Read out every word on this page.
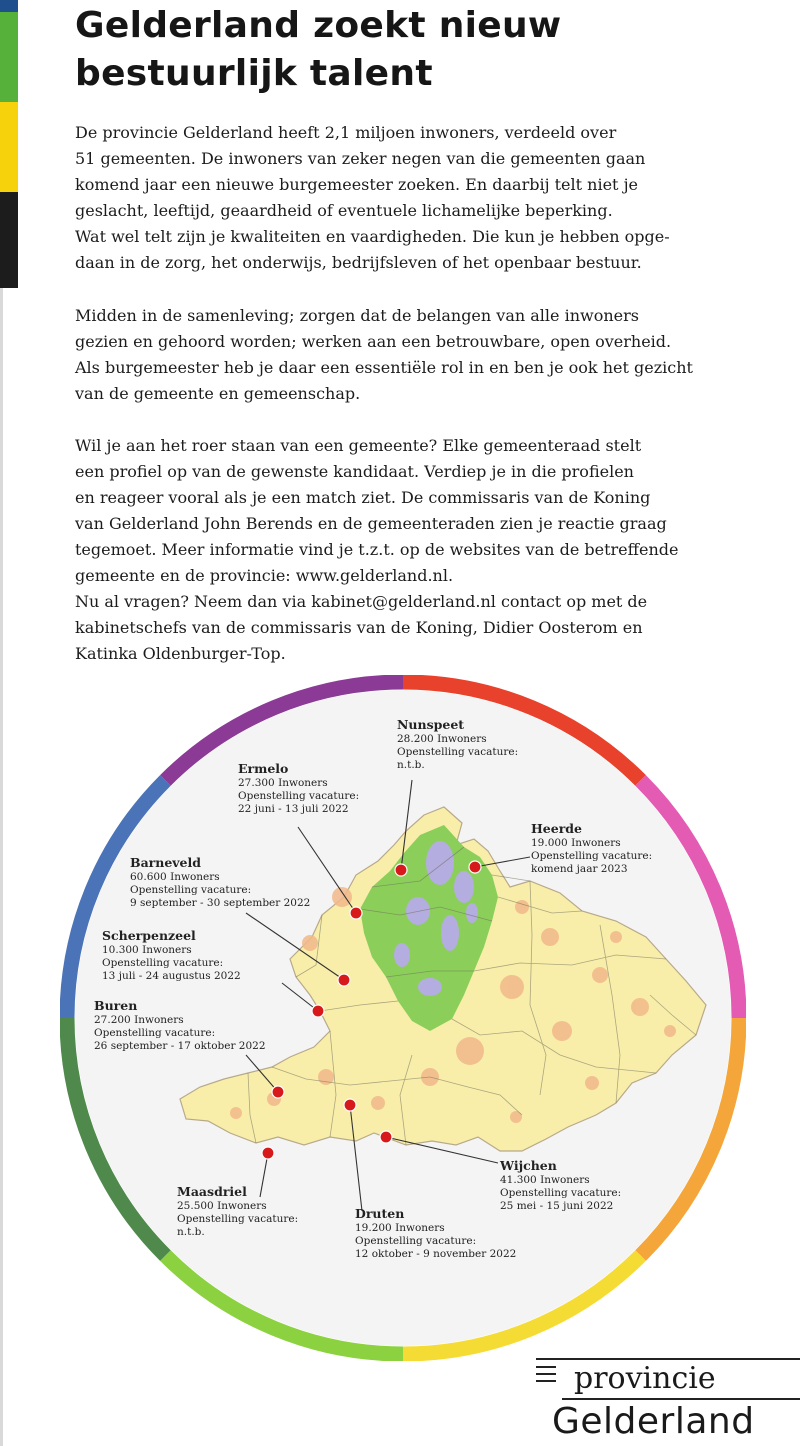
Gelderland zoekt nieuw bestuurlijk talent
De provincie Gelderland heeft 2,1 miljoen inwoners, verdeeld over
51 gemeenten. De inwoners van zeker negen van die gemeenten gaan
komend jaar een nieuwe burgemeester zoeken. En daarbij telt niet je
geslacht, leeftijd, geaardheid of eventuele lichamelijke beperking.
Wat wel telt zijn je kwaliteiten en vaardigheden. Die kun je hebben opge-
daan in de zorg, het onderwijs, bedrijfsleven of het openbaar bestuur.
Midden in de samenleving; zorgen dat de belangen van alle inwoners
gezien en gehoord worden; werken aan een betrouwbare, open overheid.
Als burgemeester heb je daar een essentiële rol in en ben je ook het gezicht
van de gemeente en gemeenschap.
Wil je aan het roer staan van een gemeente? Elke gemeenteraad stelt
een profiel op van de gewenste kandidaat. Verdiep je in die profielen
en reageer vooral als je een match ziet. De commissaris van de Koning
van Gelderland John Berends en de gemeenteraden zien je reactie graag
tegemoet. Meer informatie vind je t.z.t. op de websites van de betreffende
gemeente en de provincie: www.gelderland.nl.
Nu al vragen? Neem dan via kabinet@gelderland.nl contact op met de
kabinetschefs van de commissaris van de Koning, Didier Oosterom en
Katinka Oldenburger-Top.
Nunspeet
28.200 Inwoners
Openstelling vacature:
n.t.b.
Ermelo
27.300 Inwoners
Openstelling vacature:
22 juni - 13 juli 2022
Heerde
19.000 Inwoners
Openstelling vacature:
komend jaar 2023
Barneveld
60.600 Inwoners
Openstelling vacature:
9 september - 30 september 2022
Scherpenzeel
10.300 Inwoners
Openstelling vacature:
13 juli - 24 augustus 2022
Buren
27.200 Inwoners
Openstelling vacature:
26 september - 17 oktober 2022
Wijchen
41.300 Inwoners
Openstelling vacature:
25 mei - 15 juni 2022
Maasdriel
25.500 Inwoners
Openstelling vacature:
n.t.b.
Druten
19.200 Inwoners
Openstelling vacature:
12 oktober - 9 november 2022
provincie
Gelderland
